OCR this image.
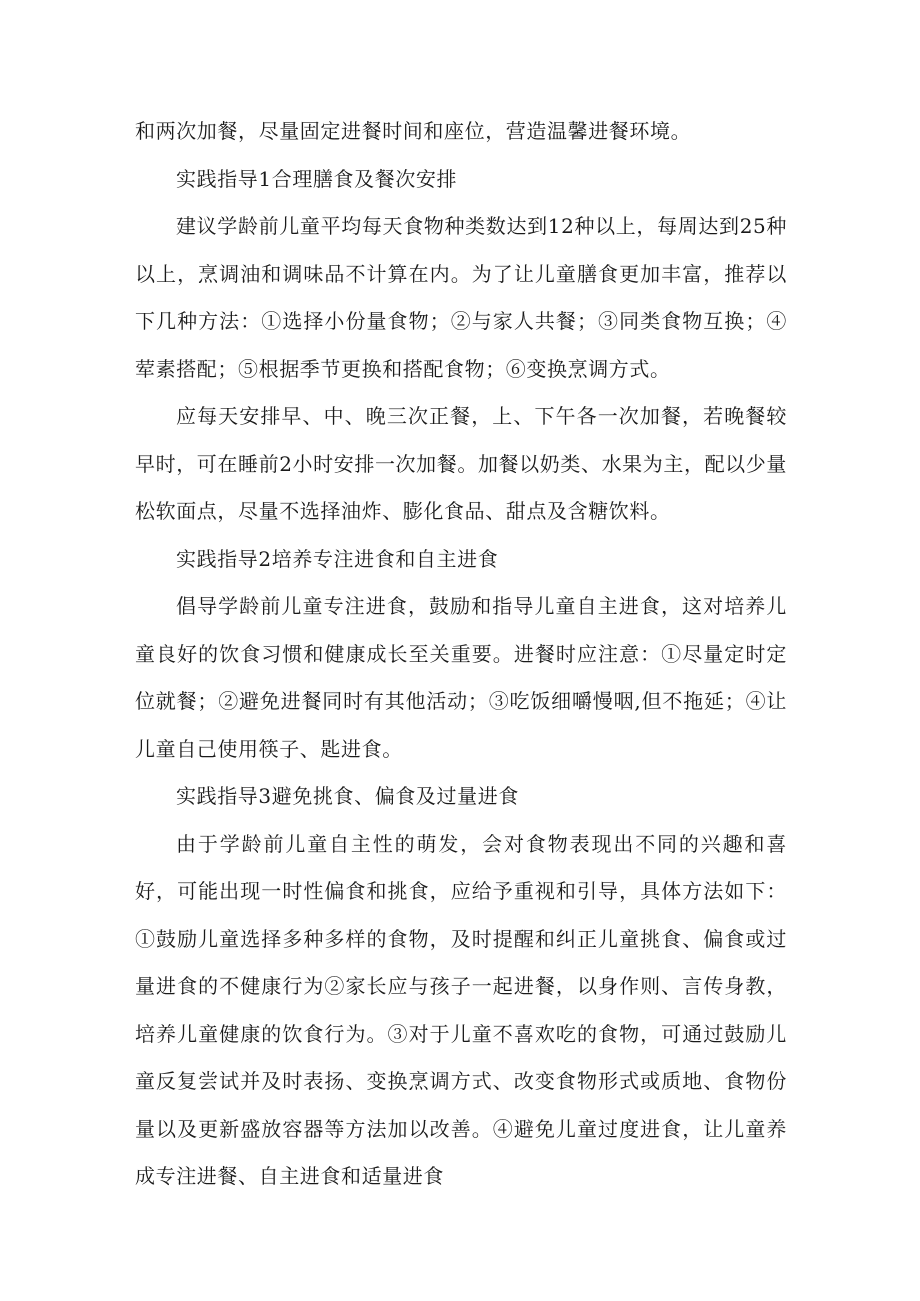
和两次加餐，尽量固定进餐时间和座位，营造温馨进餐环境。

实践指导1合理膳食及餐次安排

建议学龄前儿童平均每天食物种类数达到12种以上，每周达到25种以上，烹调油和调味品不计算在内。为了让儿童膳食更加丰富，推荐以下几种方法：①选择小份量食物；②与家人共餐；③同类食物互换；④荤素搭配；⑤根据季节更换和搭配食物；⑥变换烹调方式。

应每天安排早、中、晚三次正餐，上、下午各一次加餐，若晚餐较早时，可在睡前2小时安排一次加餐。加餐以奶类、水果为主，配以少量松软面点，尽量不选择油炸、膨化食品、甜点及含糖饮料。

实践指导2培养专注进食和自主进食

倡导学龄前儿童专注进食，鼓励和指导儿童自主进食，这对培养儿童良好的饮食习惯和健康成长至关重要。进餐时应注意：①尽量定时定位就餐；②避免进餐同时有其他活动；③吃饭细嚼慢咽,但不拖延；④让儿童自己使用筷子、匙进食。

实践指导3避免挑食、偏食及过量进食

由于学龄前儿童自主性的萌发，会对食物表现出不同的兴趣和喜好，可能出现一时性偏食和挑食，应给予重视和引导，具体方法如下：①鼓励儿童选择多种多样的食物，及时提醒和纠正儿童挑食、偏食或过量进食的不健康行为②家长应与孩子一起进餐，以身作则、言传身教，培养儿童健康的饮食行为。③对于儿童不喜欢吃的食物，可通过鼓励儿童反复尝试并及时表扬、变换烹调方式、改变食物形式或质地、食物份量以及更新盛放容器等方法加以改善。④避免儿童过度进食，让儿童养成专注进餐、自主进食和适量进食
